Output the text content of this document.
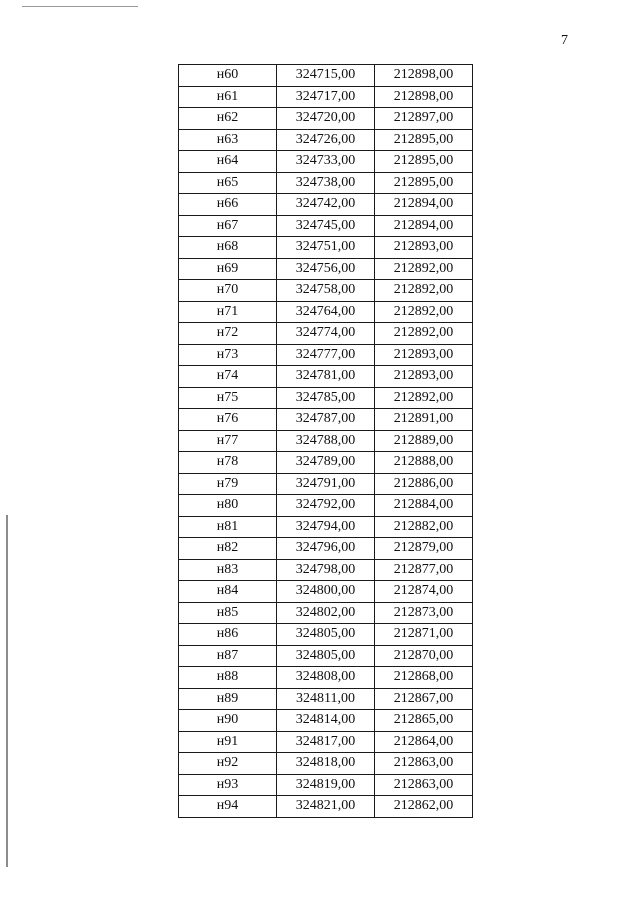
7
н60	324715,00	212898,00
н61	324717,00	212898,00
н62	324720,00	212897,00
н63	324726,00	212895,00
н64	324733,00	212895,00
н65	324738,00	212895,00
н66	324742,00	212894,00
н67	324745,00	212894,00
н68	324751,00	212893,00
н69	324756,00	212892,00
н70	324758,00	212892,00
н71	324764,00	212892,00
н72	324774,00	212892,00
н73	324777,00	212893,00
н74	324781,00	212893,00
н75	324785,00	212892,00
н76	324787,00	212891,00
н77	324788,00	212889,00
н78	324789,00	212888,00
н79	324791,00	212886,00
н80	324792,00	212884,00
н81	324794,00	212882,00
н82	324796,00	212879,00
н83	324798,00	212877,00
н84	324800,00	212874,00
н85	324802,00	212873,00
н86	324805,00	212871,00
н87	324805,00	212870,00
н88	324808,00	212868,00
н89	324811,00	212867,00
н90	324814,00	212865,00
н91	324817,00	212864,00
н92	324818,00	212863,00
н93	324819,00	212863,00
н94	324821,00	212862,00
